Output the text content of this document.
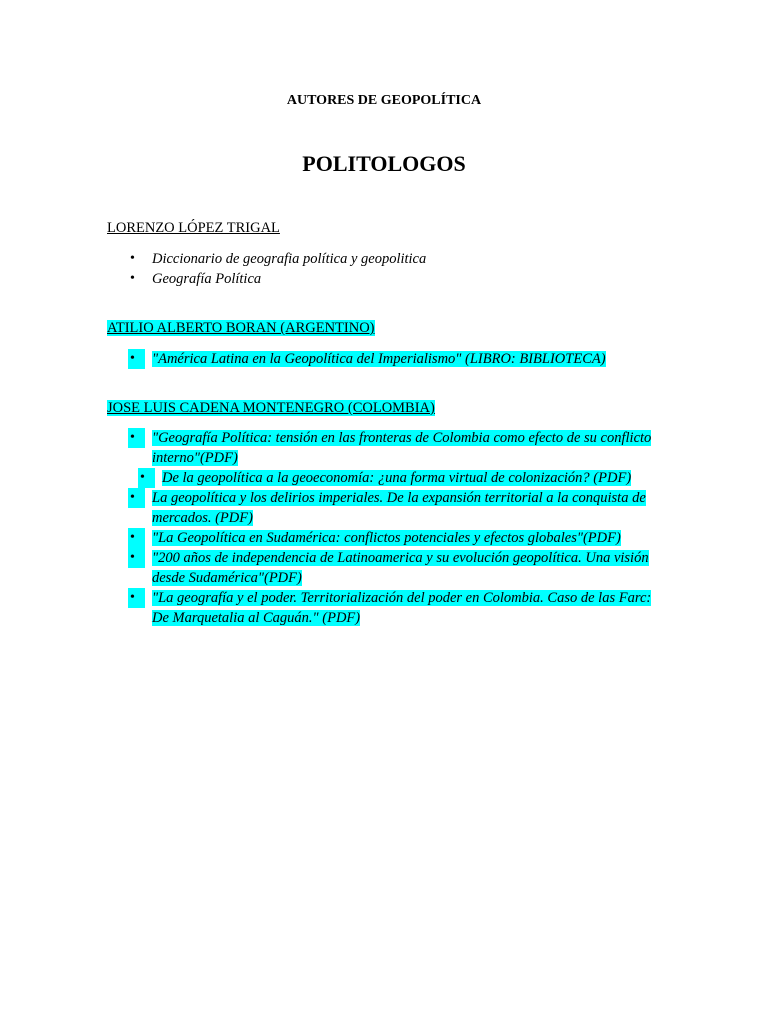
AUTORES DE GEOPOLÍTICA
POLITOLOGOS
LORENZO LÓPEZ TRIGAL
•	Diccionario de geografia política y geopolitica
•	Geografía Política
ATILIO ALBERTO BORAN (ARGENTINO)
•	"América Latina en la Geopolítica del Imperialismo" (LIBRO: BIBLIOTECA)
JOSE LUIS CADENA MONTENEGRO (COLOMBIA)
•	"Geografía Política: tensión en las fronteras de Colombia como efecto de su conflicto interno"(PDF)
•	De la geopolítica a la geoeconomía: ¿una forma virtual de colonización? (PDF)
•	La geopolítica y los delirios imperiales. De la expansión territorial a la conquista de mercados. (PDF)
•	"La Geopolítica en Sudamérica: conflictos potenciales y efectos globales"(PDF)
•	"200 años de independencia de Latinoamerica y su evolución geopolítica. Una visión desde Sudamérica"(PDF)
•	"La geografía y el poder. Territorialización del poder en Colombia. Caso de las Farc: De Marquetalia al Caguán." (PDF)
